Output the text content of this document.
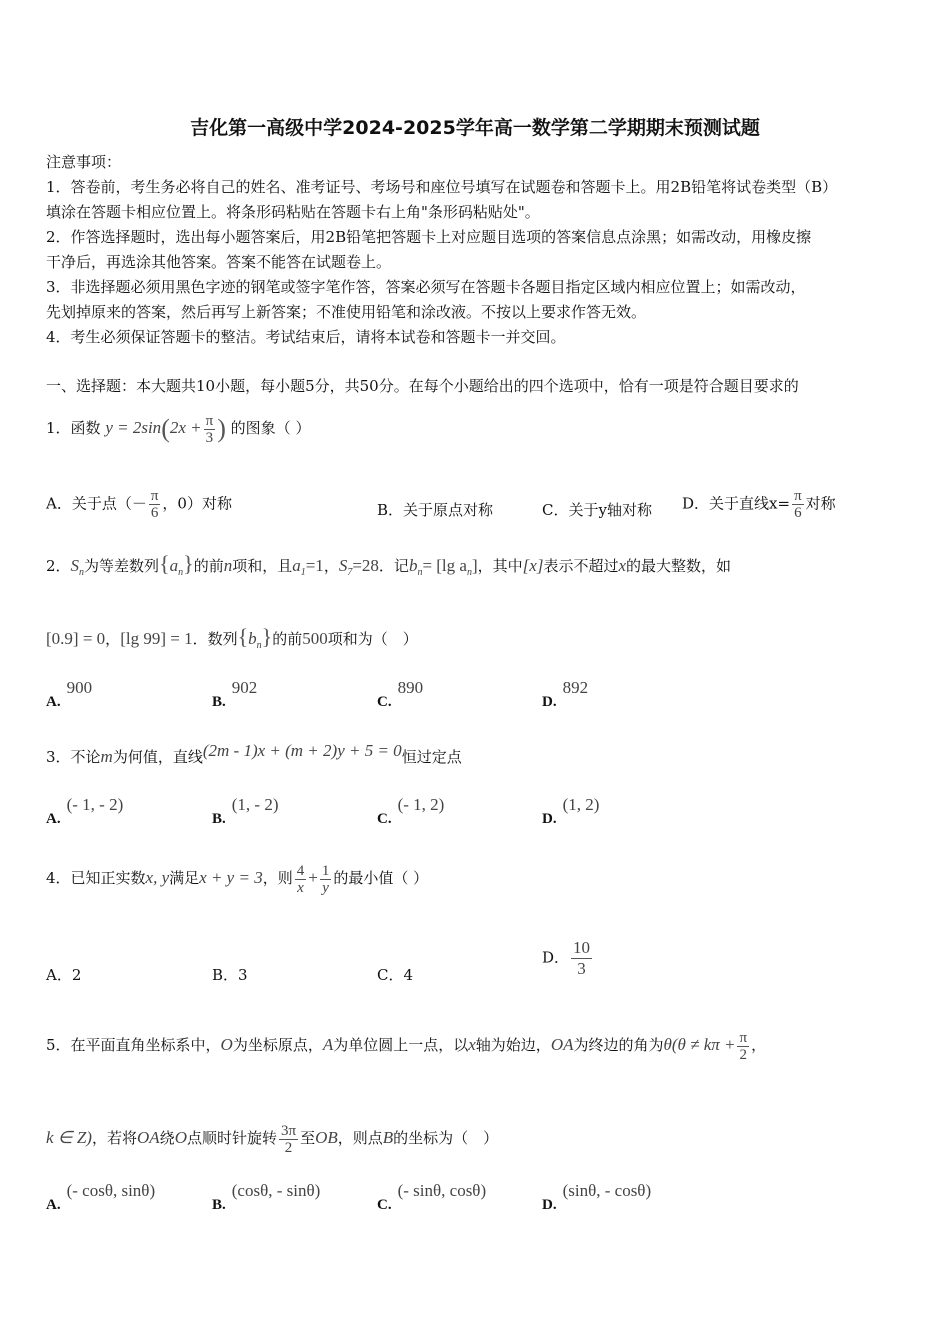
吉化第一高级中学2024-2025学年高一数学第二学期期末预测试题
注意事项：
1．答卷前，考生务必将自己的姓名、准考证号、考场号和座位号填写在试题卷和答题卡上。用2B铅笔将试卷类型（B）
填涂在答题卡相应位置上。将条形码粘贴在答题卡右上角"条形码粘贴处"。
2．作答选择题时，选出每小题答案后，用2B铅笔把答题卡上对应题目选项的答案信息点涂黑；如需改动，用橡皮擦
干净后，再选涂其他答案。答案不能答在试题卷上。
3．非选择题必须用黑色字迹的钢笔或签字笔作答，答案必须写在答题卡各题目指定区域内相应位置上；如需改动，
先划掉原来的答案，然后再写上新答案；不准使用铅笔和涂改液。不按以上要求作答无效。
4．考生必须保证答题卡的整洁。考试结束后，请将本试卷和答题卡一并交回。
一、选择题：本大题共10小题，每小题5分，共50分。在每个小题给出的四个选项中，恰有一项是符合题目要求的
1．函数 $y = 2\sin(2x + \frac{\pi}{3}$ ) 的图象（ ）
A．关于点（－ $\frac{\pi}{6}$ ，0）对称	B．关于原点对称	C．关于y轴对称 D．关于直线$x= \frac{\pi}{6}$ 对称
2．$S_n$为等差数列$\{a_n\}$的前n项和，且$a_1=1$，$S_7=28$．记$b_n= [\lg$ $a_n$]，其中[x]表示不超过x的最大整数，如
[0.9] = 0，[lg 99] = 1．数列$\{b_n\}$的前500项和为（　）
A.900
B.902
C.890
D.892
3．不论m为何值，直线(2m - 1)x + (m + 2)y + 5 = 0恒过定点
A.(- 1, - 2)
B.(1, - 2)
C.(- 1, 2)
D.(1, 2)
4．已知正实数x, y满足x + y = 3，则 $\frac{4}{x} + \frac{1}{y}$ 的最小值（ ）
A．2	B．3	C．4
D． $\frac{10}{3}$
5．在平面直角坐标系中，O为坐标原点，A为单位圆上一点，以x轴为始边，OA为终边的角为$\theta(\theta \ne k\pi + \frac{\pi}{2}$ ，
k ∈ Z)，若将OA绕O点顺时针旋转 $\frac{3\pi}{2}$ 至OB，则点B的坐标为（　）
A.(- cosθ, sinθ)
B.(cosθ, - sinθ)
C.(- sinθ, cosθ)
D.(sinθ, - cosθ)
